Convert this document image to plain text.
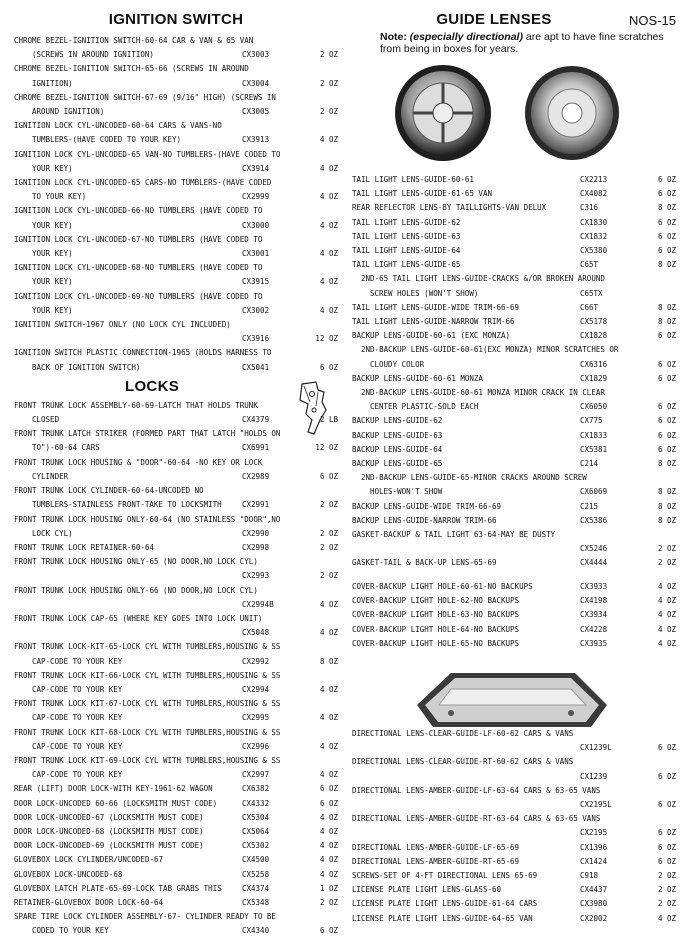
NOS-15
IGNITION SWITCH
CHROME BEZEL-IGNITION SWITCH-60-64 CAR & VAN & 65 VAN
(SCREWS IN AROUND IGNITION)	CX3003	2 OZ
CHROME BEZEL-IGNITION SWITCH-65-66 (SCREWS IN AROUND
IGNITION)	CX3004	2 OZ
CHROME BEZEL-IGNITION SWITCH-67-69 (9/16" HIGH) (SCREWS IN
AROUND IGNITION)	CX3005	2 OZ
IGNITION LOCK CYL-UNCODED-60-64 CARS & VANS-NO
TUMBLERS-(HAVE CODED TO YOUR KEY)	CX3913	4 OZ
IGNITION LOCK CYL-UNCODED-65 VAN-NO TUMBLERS-(HAVE CODED TO
YOUR KEY)	CX3914	4 OZ
IGNITION LOCK CYL-UNCODED-65 CARS-NO TUMBLERS-(HAVE CODED
TO YOUR KEY)	CX2999	4 OZ
IGNITION LOCK CYL-UNCODED-66-NO TUMBLERS (HAVE CODED TO
YOUR KEY)	CX3000	4 OZ
IGNITION LOCK CYL-UNCODED-67-NO TUMBLERS (HAVE CODED TO
YOUR KEY)	CX3001	4 OZ
IGNITION LOCK CYL-UNCODED-68-NO TUMBLERS (HAVE CODED TO
YOUR KEY)	CX3915	4 OZ
IGNITION LOCK CYL-UNCODED-69-NO TUMBLERS (HAVE CODED TO
YOUR KEY)	CX3002	4 OZ
IGNITION SWITCH-1967 ONLY (NO LOCK CYL INCLUDED)
CX3916	12 OZ
IGNITION SWITCH PLASTIC CONNECTION-1965 (HOLDS HARNESS TO
BACK OF IGNITION SWITCH)	CX5041	6 OZ
LOCKS
FRONT TRUNK LOCK ASSEMBLY-60-69-LATCH THAT HOLDS TRUNK
CLOSED	CX4379	2 LB
FRONT TRUNK LATCH STRIKER (FORMED PART THAT LATCH "HOLDS ON
TO")-60-64 CARS	CX6991	12 OZ
FRONT TRUNK LOCK HOUSING & "DOOR"-60-64 -NO KEY OR LOCK
CYLINDER	CX2989	6 OZ
FRONT TRUNK LOCK CYLINDER-60-64-UNCODED NO
TUMBLERS-STAINLESS FRONT-TAKE TO LOCKSMITH	CX2991	2 OZ
FRONT TRUNK LOCK HOUSING ONLY-60-64 (NO STAINLESS "DOOR",NO
LOCK CYL)	CX2990	2 OZ
FRONT TRUNK LOCK RETAINER-60-64	CX2998	2 OZ
FRONT TRUNK LOCK HOUSING ONLY-65 (NO DOOR,NO LOCK CYL)
CX2993	2 OZ
FRONT TRUNK LOCK HOUSING ONLY-66 (NO DOOR,NO LOCK CYL)
CX2994B	4 OZ
FRONT TRUNK LOCK CAP-65 (WHERE KEY GOES INTO LOCK UNIT)
CX5048	4 OZ
FRONT TRUNK LOCK-KIT-65-LOCK CYL WITH TUMBLERS,HOUSING & SS
CAP-CODE TO YOUR KEY	CX2992	8 OZ
FRONT TRUNK LOCK KIT-66-LOCK CYL WITH TUMBLERS,HOUSING & SS
CAP-CODE TO YOUR KEY	CX2994	4 OZ
FRONT TRUNK LOCK KIT-67-LOCK CYL WITH TUMBLERS,HOUSING & SS
CAP-CODE TO YOUR KEY	CX2995	4 OZ
FRONT TRUNK LOCK KIT-68-LOCK CYL WITH TUMBLERS,HOUSING & SS
CAP-CODE TO YOUR KEY	CX2996	4 OZ
FRONT TRUNK LOCK KIT-69-LOCK CYL WITH TUMBLERS,HOUSING & SS
CAP-CODE TO YOUR KEY	CX2997	4 OZ
REAR (LIFT) DOOR LOCK-WITH KEY-1961-62 WAGON	CX6382	6 OZ
DOOR LOCK-UNCODED 60-66 (LOCKSMITH MUST CODE)	CX4332	6 OZ
DOOR LOCK-UNCODED-67 (LOCKSMITH MUST CODE)	CX5304	4 OZ
DOOR LOCK-UNCODED-68 (LOCKSMITH MUST CODE)	CX5064	4 OZ
DOOR LOCK-UNCODED-69 (LOCKSMITH MUST CODE)	CX5302	4 OZ
GLOVEBOX LOCK CYLINDER/UNCODED-67	CX4500	4 OZ
GLOVEBOX LOCK-UNCODED-68	CX5258	4 OZ
GLOVEBOX LATCH PLATE-65-69-LOCK TAB GRABS THIS	CX4374	1 OZ
RETAINER-GLOVEBOX DOOR LOCK-60-64	CX5348	2 OZ
SPARE TIRE LOCK CYLINDER ASSEMBLY-67- CYLINDER READY TO BE
CODED TO YOUR KEY	CX4340	6 OZ
GUIDE LENSES
Note: (especially directional) are apt to have fine scratches from being in boxes for years.
TAIL LIGHT LENS-GUIDE-60-61	CX2213	6 OZ
TAIL LIGHT LENS-GUIDE-61-65 VAN	CX4082	6 OZ
REAR REFLECTOR LENS-BY TAILLIGHTS-VAN DELUX	C316	8 OZ
TAIL LIGHT LENS-GUIDE-62	CX1830	6 OZ
TAIL LIGHT LENS-GUIDE-63	CX1832	6 OZ
TAIL LIGHT LENS-GUIDE-64	CX5380	6 OZ
TAIL LIGHT LENS-GUIDE-65	C65T	8 OZ
2ND-65 TAIL LIGHT LENS-GUIDE-CRACKS &/OR BROKEN AROUND
SCREW HOLES (WON'T SHOW)	C65TX
TAIL LIGHT LENS-GUIDE-WIDE TRIM-66-69	C66T	8 OZ
TAIL LIGHT LENS-GUIDE-NARROW TRIM-66	CX5178	8 OZ
BACKUP LENS-GUIDE-60-61 (EXC MONZA)	CX1828	6 OZ
2ND-BACKUP LENS-GUIDE-60-61(EXC MONZA) MINOR SCRATCHES OR
CLOUDY COLOR	CX6316	6 OZ
BACKUP LENS-GUIDE-60-61 MONZA	CX1829	6 OZ
2ND-BACKUP LENS-GUIDE-60-61 MONZA MINOR CRACK IN CLEAR
CENTER PLASTIC-SOLD EACH	CX6050	6 OZ
BACKUP LENS-GUIDE-62	CX775	6 OZ
BACKUP LENS-GUIDE-63	CX1833	6 OZ
BACKUP LENS-GUIDE-64	CX5381	6 OZ
BACKUP LENS-GUIDE-65	C214	8 OZ
2ND-BACKUP LENS-GUIDE-65-MINOR CRACKS AROUND SCREW
HOLES-WON'T SHOW	CX6069	8 OZ
BACKUP LENS-GUIDE-WIDE TRIM-66-69	C215	8 OZ
BACKUP LENS-GUIDE-NARROW TRIM-66	CX5386	8 OZ
GASKET-BACKUP & TAIL LIGHT 63-64-MAY BE DUSTY
CX5246	2 OZ
GASKET-TAIL & BACK-UP LENS-65-69	CX4444	2 OZ
COVER-BACKUP LIGHT HOLE-60-61-NO BACKUPS	CX3933	4 OZ
COVER-BACKUP LIGHT HOLE-62-NO BACKUPS	CX4198	4 OZ
COVER-BACKUP LIGHT HOLE-63-NO BACKUPS	CX3934	4 OZ
COVER-BACKUP LIGHT HOLE-64-NO BACKUPS	CX4228	4 OZ
COVER-BACKUP LIGHT HOLE-65-NO BACKUPS	CX3935	4 OZ
DIRECTIONAL LENS-CLEAR-GUIDE-LF-60-62 CARS & VANS
CX1239L	6 OZ
DIRECTIONAL LENS-CLEAR-GUIDE-RT-60-62 CARS & VANS
CX1239	6 OZ
DIRECTIONAL LENS-AMBER-GUIDE-LF-63-64 CARS & 63-65 VANS
CX2195L	6 OZ
DIRECTIONAL LENS-AMBER-GUIDE-RT-63-64 CARS & 63-65 VANS
CX2195	6 OZ
DIRECTIONAL LENS-AMBER-GUIDE-LF-65-69	CX1396	6 OZ
DIRECTIONAL LENS-AMBER-GUIDE-RT-65-69	CX1424	6 OZ
SCREWS-SET OF 4-FT DIRECTIONAL LENS 65-69	C918	2 OZ
LICENSE PLATE LIGHT LENS-GLASS-60	CX4437	2 OZ
LICENSE PLATE LIGHT LENS-GUIDE-61-64 CARS	CX3980	2 OZ
LICENSE PLATE LIGHT LENS-GUIDE-64-65 VAN	CX2002	4 OZ
